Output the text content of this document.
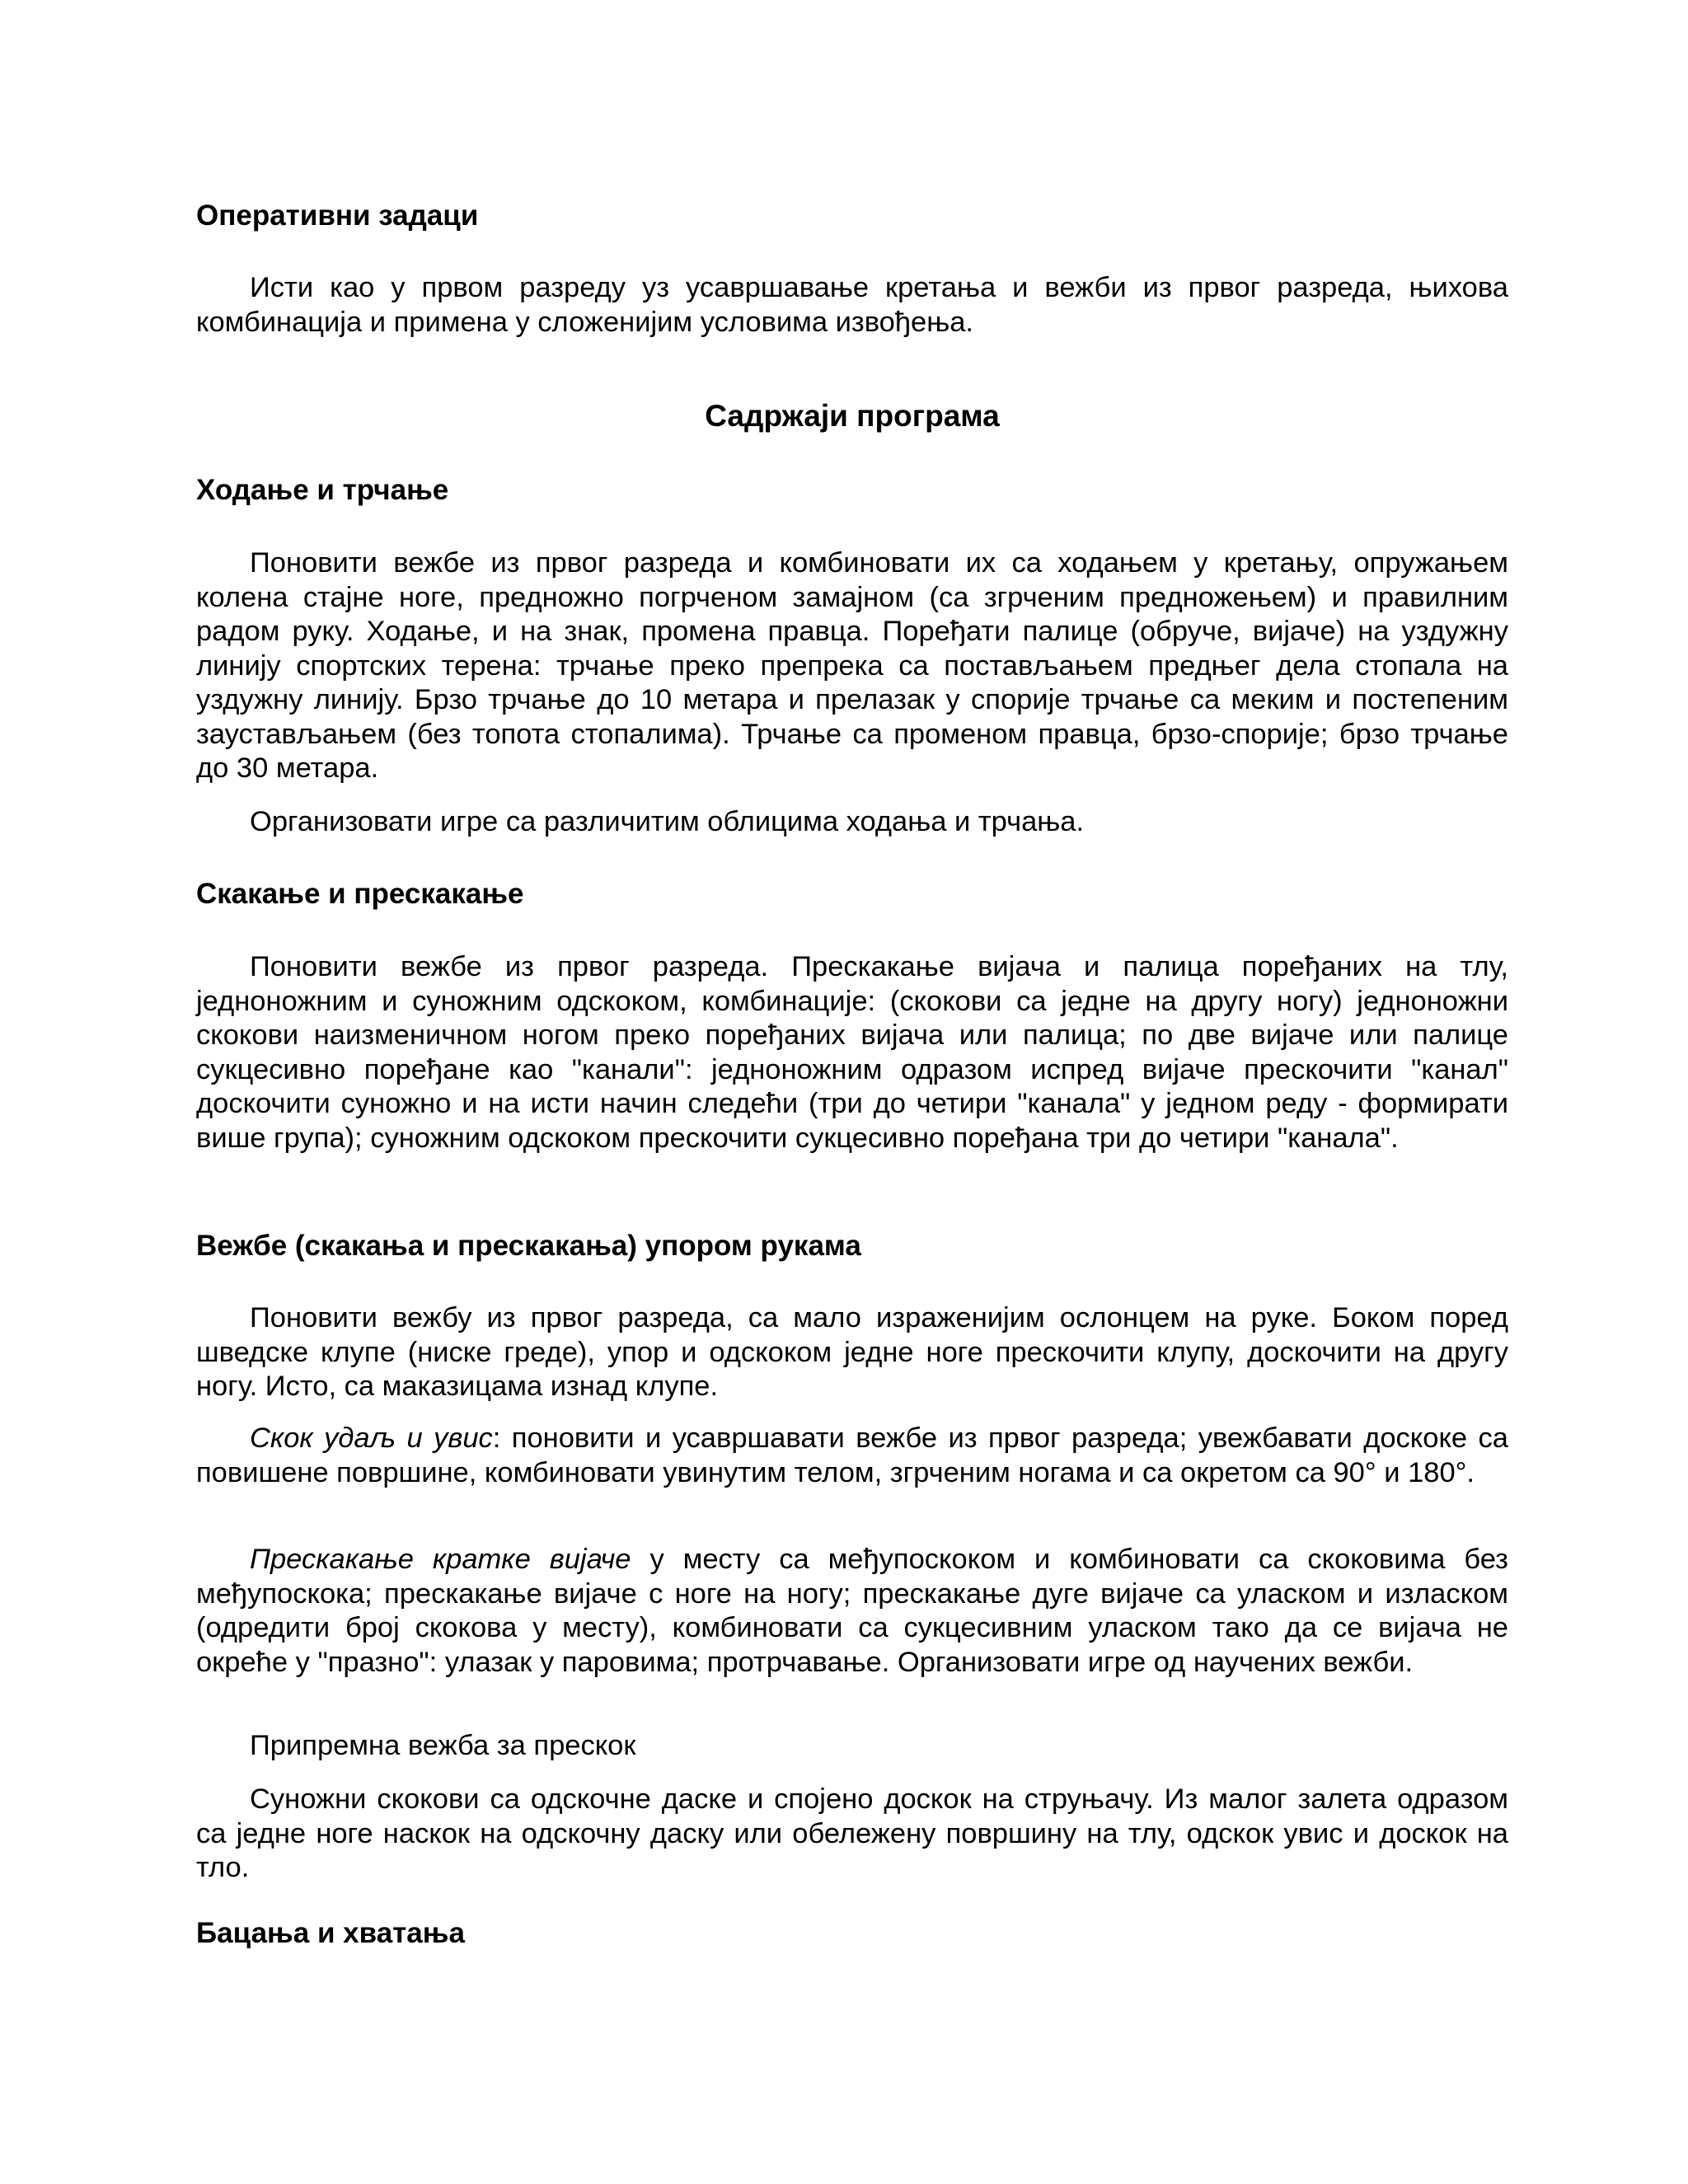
Оперативни задаци

Исти као у првом разреду уз усавршавање кретања и вежби из првог разреда, њихова комбинација и примена у сложенијим условима извођења.

Садржаји програма
Ходање и трчање

Поновити вежбе из првог разреда и комбиновати их са ходањем у кретању, опружањем колена стајне ноге, предножно погрченом замајном (са згрченим предножењем) и правилним радом руку. Ходање, и на знак, промена правца. Поређати палице (обруче, вијаче) на уздужну линију спортских терена: трчање преко препрека са постављањем предњег дела стопала на уздужну линију. Брзо трчање до 10 метара и прелазак у спорије трчање са меким и постепеним заустављањем (без топота стопалима). Трчање са променом правца, брзо-спорије; брзо трчање до 30 метара.

Организовати игре са различитим облицима ходања и трчања.

Скакање и прескакање

Поновити вежбе из првог разреда. Прескакање вијача и палица поређаних на тлу, једноножним и суножним одскоком, комбинације: (скокови са једне на другу ногу) једноножни скокови наизменичном ногом преко поређаних вијача или палица; по две вијаче или палице сукцесивно поређане као "канали": једноножним одразом испред вијаче прескочити "канал" доскочити суножно и на исти начин следећи (три до четири "канала" у једном реду - формирати више група); суножним одскоком прескочити сукцесивно поређана три до четири "канала".

Вежбе (скакања и прескакања) упором рукама

Поновити вежбу из првог разреда, са мало израженијим ослонцем на руке. Боком поред шведске клупе (ниске греде), упор и одскоком једне ноге прескочити клупу, доскочити на другу ногу. Исто, са маказицама изнад клупе.

Скок удаљ и увис: поновити и усавршавати вежбе из првог разреда; увежбавати доскоке са повишене површине, комбиновати увинутим телом, згрченим ногама и са окретом са 90° и 180°.

Прескакање кратке вијаче у месту са међупоскоком и комбиновати са скоковима без међупоскока; прескакање вијаче с ноге на ногу; прескакање дуге вијаче са уласком и изласком (одредити број скокова у месту), комбиновати са сукцесивним уласком тако да се вијача не окреће у "празно": улазак у паровима; протрчавање. Организовати игре од научених вежби.

Припремна вежба за прескок

Суножни скокови са одскочне даске и спојено доскок на струњачу. Из малог залета одразом са једне ноге наскок на одскочну даску или обележену површину на тлу, одскок увис и доскок на тло.

Бацања и хватања
